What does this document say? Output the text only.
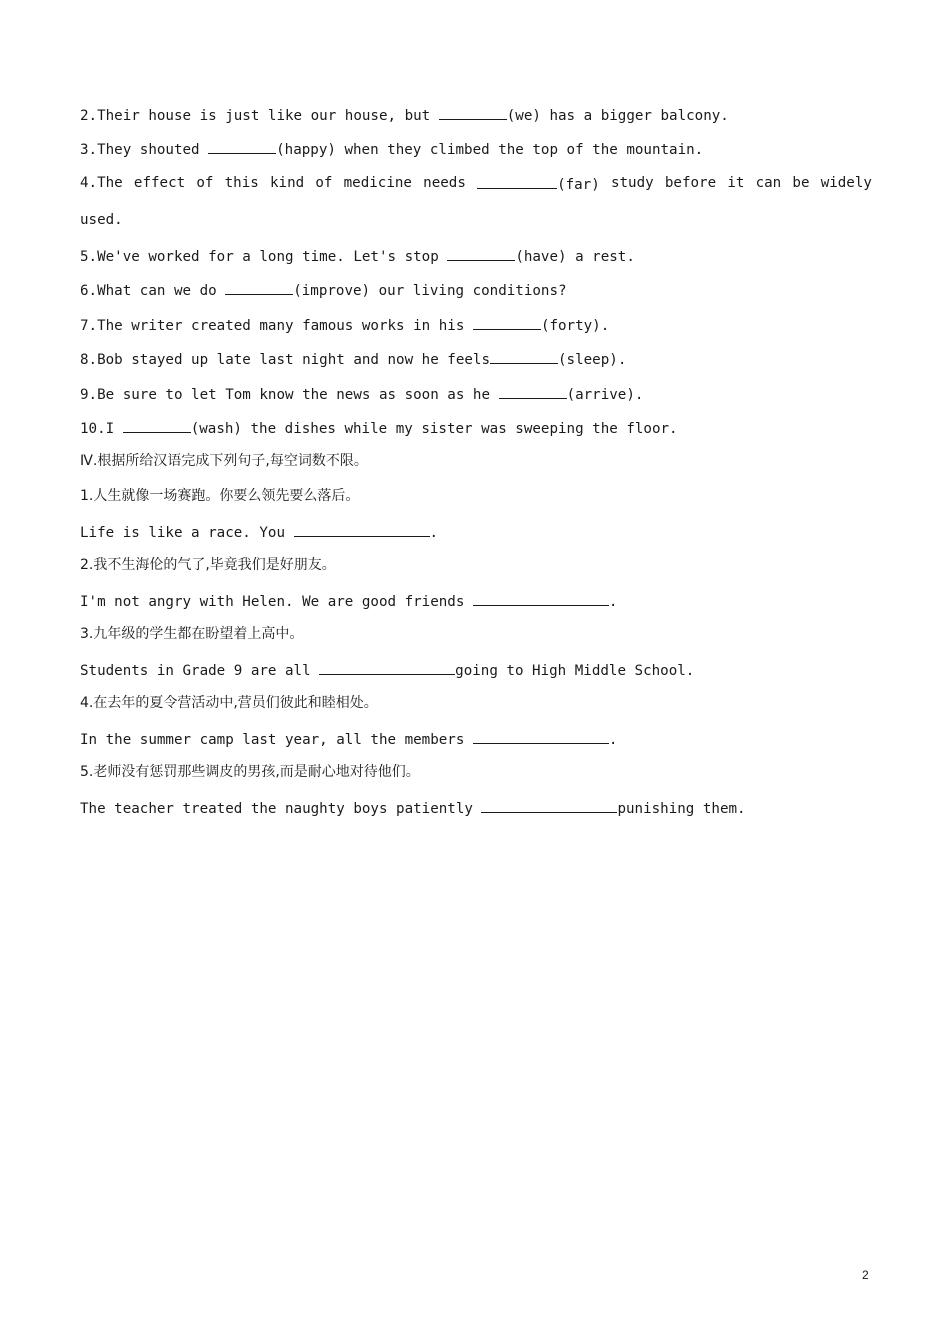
2.Their house is just like our house, but	(we) has a bigger balcony.
3.They shouted	(happy) when they climbed the top of the mountain.
4.The effect of this kind of medicine needs	(far) study before it can be widely
used.
5.We've worked for a long time. Let's stop	(have) a rest.
6.What can we do	(improve) our living conditions?
7.The writer created many famous works in his	(forty).
8.Bob stayed up late last night and now he feels	(sleep).
9.Be sure to let Tom know the news as soon as he	(arrive).
10.I	(wash) the dishes while my sister was sweeping the floor.
Ⅳ.根据所给汉语完成下列句子,每空词数不限。
1.人生就像一场赛跑。你要么领先要么落后。
Life is like a race. You	.
2.我不生海伦的气了,毕竟我们是好朋友。
I'm not angry with Helen. We are good friends	.
3.九年级的学生都在盼望着上高中。
Students in Grade 9 are all	going to High Middle School.
4.在去年的夏令营活动中,营员们彼此和睦相处。
In the summer camp last year, all the members	.
5.老师没有惩罚那些调皮的男孩,而是耐心地对待他们。
The teacher treated the naughty boys patiently	punishing them.
2
